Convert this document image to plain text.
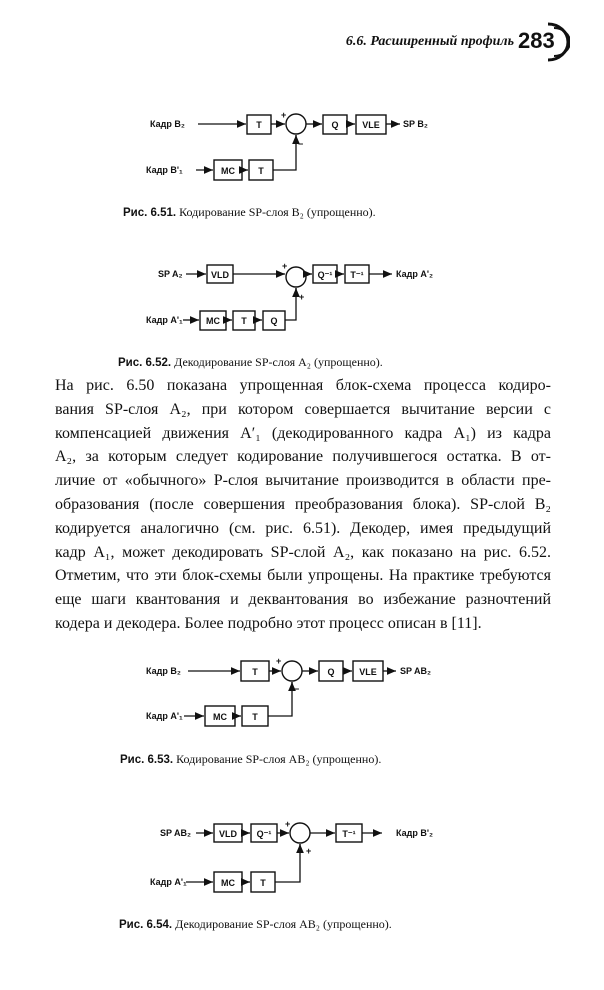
6.6. Расширенный профиль 283
Кадр B₂	T
+
Q	VLE	SP B₂
Кадр B'₁	MC	T
−
Рис. 6.51. Кодирование SP-слоя B₂ (упрощенно).
SP A₂	VLD
+
Q⁻¹ T⁻¹	Кадр A'₂
Кадр A'₁	MC T	Q
+
Рис. 6.52. Декодирование SP-слоя A₂ (упрощенно).
На рис. 6.50 показана упрощенная блок-схема процесса кодиро-
вания SP-слоя A₂, при котором совершается вычитание версии с
компенсацией движения A′₁ (декодированного кадра A₁) из кадра
A₂, за которым следует кодирование получившегося остатка. В от-
личие от «обычного» P-слоя вычитание производится в области пре-
образования (после совершения преобразования блока). SP-слой B₂
кодируется аналогично (см. рис. 6.51). Декодер, имея предыдущий
кадр A₁, может декодировать SP-слой A₂, как показано на рис. 6.52.
Отметим, что эти блок-схемы были упрощены. На практике требуются
еще шаги квантования и деквантования во избежание разночтений
кодера и декодера. Более подробно этот процесс описан в [11].
Кадр B₂	T
+
Q	VLE	SP AB₂
Кадр A'₁	MC	T
−
Рис. 6.53. Кодирование SP-слоя AB₂ (упрощенно).
SP AB₂	VLD Q⁻¹
+
T⁻¹	Кадр B'₂
Кадр A'₁	MC	T
+
Рис. 6.54. Декодирование SP-слоя AB₂ (упрощенно).
